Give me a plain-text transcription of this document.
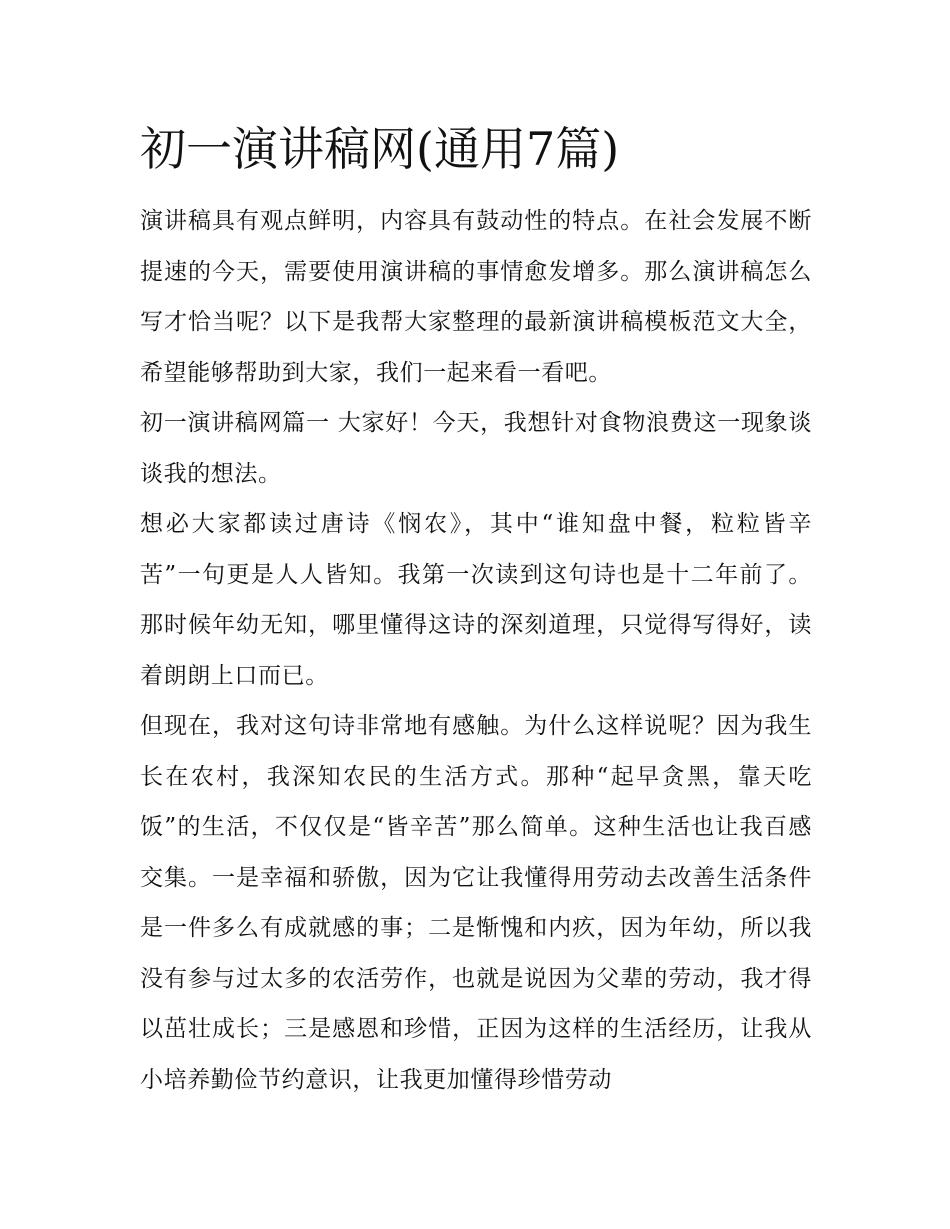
初一演讲稿网(通用7篇)

演讲稿具有观点鲜明，内容具有鼓动性的特点。在社会发展不断提速的今天，需要使用演讲稿的事情愈发增多。那么演讲稿怎么写才恰当呢？以下是我帮大家整理的最新演讲稿模板范文大全，希望能够帮助到大家，我们一起来看一看吧。

初一演讲稿网篇一 大家好！今天，我想针对食物浪费这一现象谈谈我的想法。

想必大家都读过唐诗《悯农》，其中“谁知盘中餐，粒粒皆辛苦”一句更是人人皆知。我第一次读到这句诗也是十二年前了。那时候年幼无知，哪里懂得这诗的深刻道理，只觉得写得好，读着朗朗上口而已。

但现在，我对这句诗非常地有感触。为什么这样说呢？因为我生长在农村，我深知农民的生活方式。那种“起早贪黑，靠天吃饭”的生活，不仅仅是“皆辛苦”那么简单。这种生活也让我百感交集。一是幸福和骄傲，因为它让我懂得用劳动去改善生活条件是一件多么有成就感的事；二是惭愧和内疚，因为年幼，所以我没有参与过太多的农活劳作，也就是说因为父辈的劳动，我才得以茁壮成长；三是感恩和珍惜，正因为这样的生活经历，让我从小培养勤俭节约意识，让我更加懂得珍惜劳动
